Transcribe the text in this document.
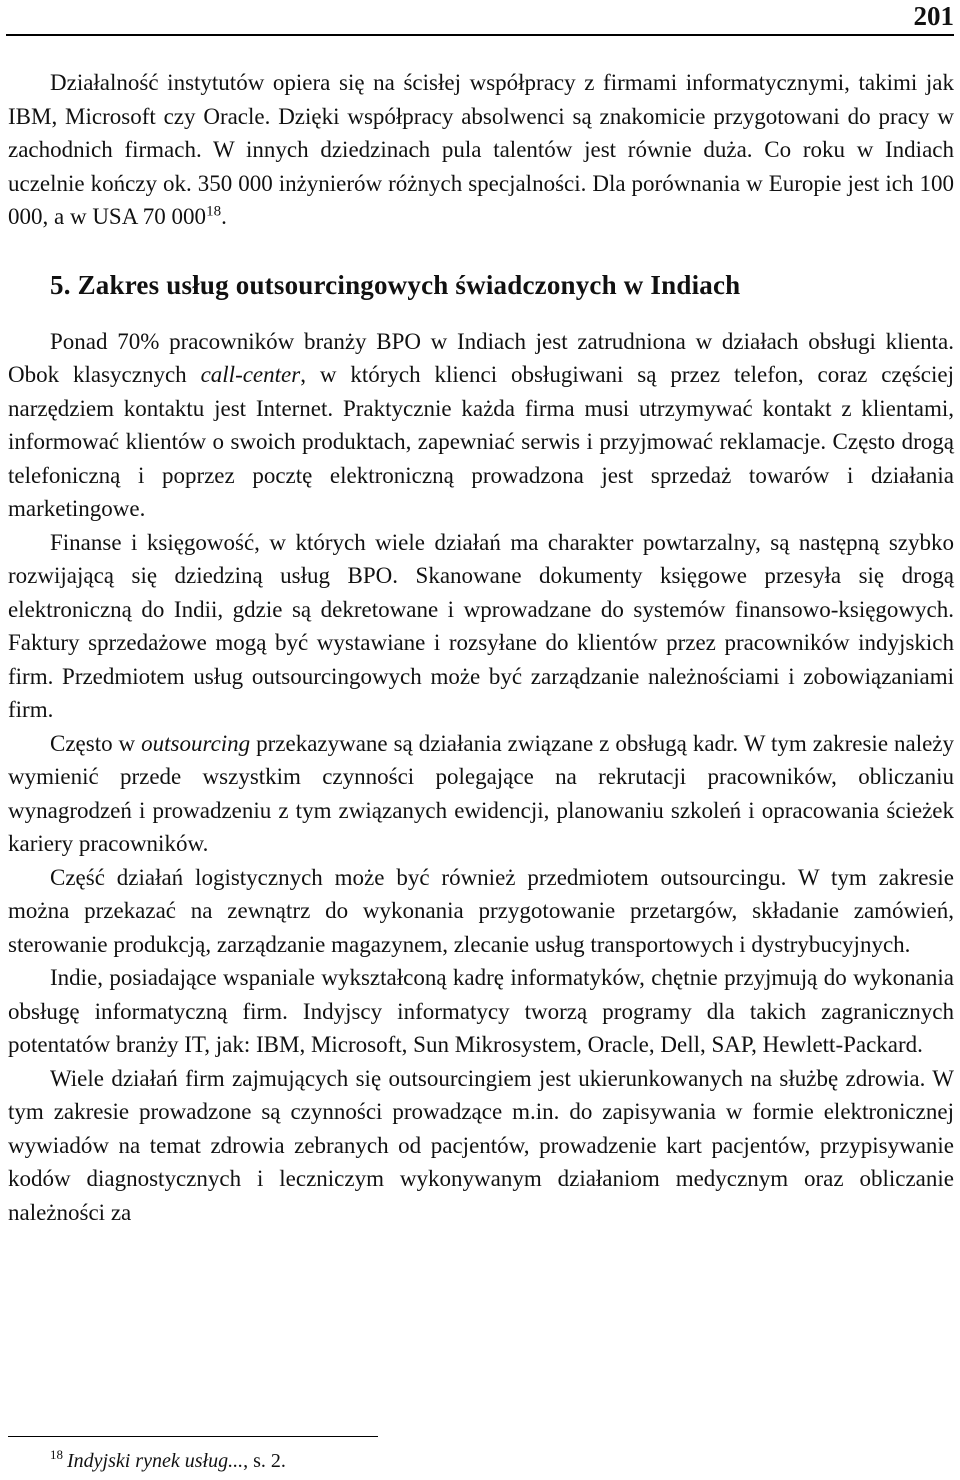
201

Działalność instytutów opiera się na ścisłej współpracy z firmami informatycznymi, takimi jak IBM, Microsoft czy Oracle. Dzięki współpracy absolwenci są znakomicie przygotowani do pracy w zachodnich firmach. W innych dziedzinach pula talentów jest równie duża. Co roku w Indiach uczelnie kończy ok. 350 000 inżynierów różnych specjalności. Dla porównania w Europie jest ich 100 000, a w USA 70 $000^{18}$.

5. Zakres usług outsourcingowych świadczonych w Indiach

Ponad 70% pracowników branży BPO w Indiach jest zatrudniona w działach obsługi klienta. Obok klasycznych call-center, w których klienci obsługiwani są przez telefon, coraz częściej narzędziem kontaktu jest Internet. Praktycznie każda firma musi utrzymywać kontakt z klientami, informować klientów o swoich produktach, zapewniać serwis i przyjmować reklamacje. Często drogą telefoniczną i poprzez pocztę elektroniczną prowadzona jest sprzedaż towarów i działania marketingowe.

Finanse i księgowość, w których wiele działań ma charakter powtarzalny, są następną szybko rozwijającą się dziedziną usług BPO. Skanowane dokumenty księgowe przesyła się drogą elektroniczną do Indii, gdzie są dekretowane i wprowadzane do systemów finansowo-księgowych. Faktury sprzedażowe mogą być wystawiane i rozsyłane do klientów przez pracowników indyjskich firm. Przedmiotem usług outsourcingowych może być zarządzanie należnościami i zobowiązaniami firm.

Często w outsourcing przekazywane są działania związane z obsługą kadr. W tym zakresie należy wymienić przede wszystkim czynności polegające na rekrutacji pracowników, obliczaniu wynagrodzeń i prowadzeniu z tym związanych ewidencji, planowaniu szkoleń i opracowania ścieżek kariery pracowników.

Część działań logistycznych może być również przedmiotem outsourcingu. W tym zakresie można przekazać na zewnątrz do wykonania przygotowanie przetargów, składanie zamówień, sterowanie produkcją, zarządzanie magazynem, zlecanie usług transportowych i dystrybucyjnych.

Indie, posiadające wspaniale wykształconą kadrę informatyków, chętnie przyjmują do wykonania obsługę informatyczną firm. Indyjscy informatycy tworzą programy dla takich zagranicznych potentatów branży IT, jak: IBM, Microsoft, Sun Mikrosystem, Oracle, Dell, SAP, Hewlett-Packard.

Wiele działań firm zajmujących się outsourcingiem jest ukierunkowanych na służbę zdrowia. W tym zakresie prowadzone są czynności prowadzące m.in. do zapisywania w formie elektronicznej wywiadów na temat zdrowia zebranych od pacjentów, prowadzenie kart pacjentów, przypisywanie kodów diagnostycznych i leczniczym wykonywanym działaniom medycznym oraz obliczanie należności za

$^{18}$ Indyjski rynek usług..., s. 2.
